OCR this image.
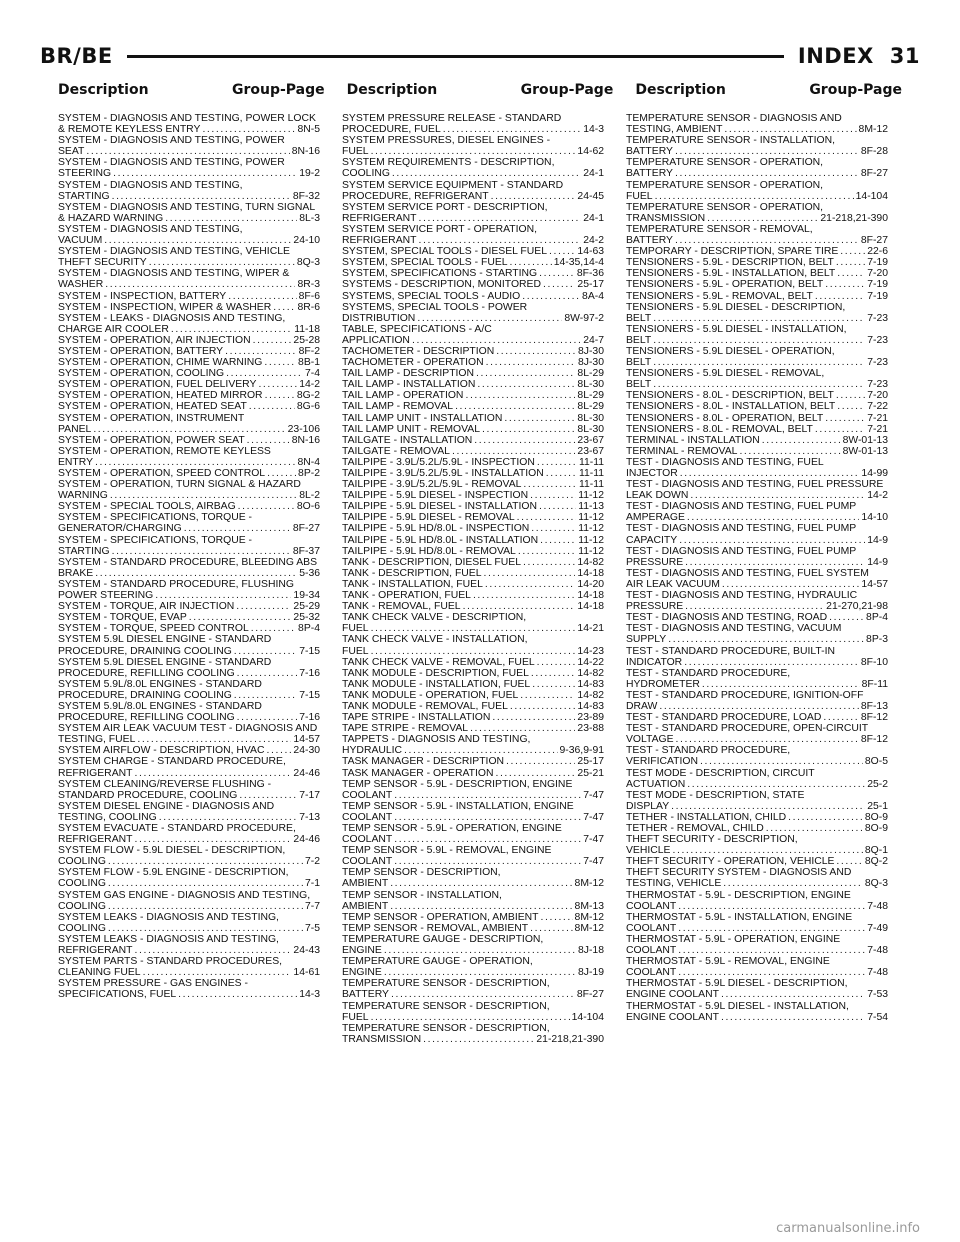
BR/BE	INDEX 31
Description	Group-Page Description	Group-Page Description	Group-Page
SYSTEM - DIAGNOSIS AND TESTING, POWER LOCK
& REMOTE KEYLESS ENTRY .....	8N-5
SYSTEM - DIAGNOSIS AND TESTING, POWER
SEAT .....	8N-16
SYSTEM - DIAGNOSIS AND TESTING, POWER
STEERING .....	19-2
SYSTEM - DIAGNOSIS AND TESTING,
STARTING .....	8F-32
SYSTEM - DIAGNOSIS AND TESTING, TURN SIGNAL
& HAZARD WARNING .....	8L-3
SYSTEM - DIAGNOSIS AND TESTING,
VACUUM .....	24-10
SYSTEM - DIAGNOSIS AND TESTING, VEHICLE
THEFT SECURITY .....	8Q-3
SYSTEM - DIAGNOSIS AND TESTING, WIPER &
WASHER .....	8R-3
SYSTEM - INSPECTION, BATTERY .....	8F-6
SYSTEM - INSPECTION, WIPER & WASHER .....	8R-6
SYSTEM - LEAKS - DIAGNOSIS AND TESTING,
CHARGE AIR COOLER .....	11-18
SYSTEM - OPERATION, AIR INJECTION .....	25-28
SYSTEM - OPERATION, BATTERY .....	8F-2
SYSTEM - OPERATION, CHIME WARNING .....	8B-1
SYSTEM - OPERATION, COOLING .....	7-4
SYSTEM - OPERATION, FUEL DELIVERY .....	14-2
SYSTEM - OPERATION, HEATED MIRROR .....	8G-2
SYSTEM - OPERATION, HEATED SEAT .....	8G-6
SYSTEM - OPERATION, INSTRUMENT
PANEL .....	23-106
SYSTEM - OPERATION, POWER SEAT .....	8N-16
SYSTEM - OPERATION, REMOTE KEYLESS
ENTRY .....	8N-4
SYSTEM - OPERATION, SPEED CONTROL .....	8P-2
SYSTEM - OPERATION, TURN SIGNAL & HAZARD
WARNING .....	8L-2
SYSTEM - SPECIAL TOOLS, AIRBAG .....	8O-6
SYSTEM - SPECIFICATIONS, TORQUE -
GENERATOR/CHARGING .....	8F-27
SYSTEM - SPECIFICATIONS, TORQUE -
STARTING .....	8F-37
SYSTEM - STANDARD PROCEDURE, BLEEDING ABS
BRAKE .....	5-36
SYSTEM - STANDARD PROCEDURE, FLUSHING
POWER STEERING .....	19-34
SYSTEM - TORQUE, AIR INJECTION .....	25-29
SYSTEM - TORQUE, EVAP .....	25-32
SYSTEM - TORQUE, SPEED CONTROL .....	8P-4
SYSTEM 5.9L DIESEL ENGINE - STANDARD
PROCEDURE, DRAINING COOLING .....	7-15
SYSTEM 5.9L DIESEL ENGINE - STANDARD
PROCEDURE, REFILLING COOLING .....	7-16
SYSTEM 5.9L/8.0L ENGINES - STANDARD
PROCEDURE, DRAINING COOLING .....	7-15
SYSTEM 5.9L/8.0L ENGINES - STANDARD
PROCEDURE, REFILLING COOLING .....	7-16
SYSTEM AIR LEAK VACUUM TEST - DIAGNOSIS AND
TESTING, FUEL .....	14-57
SYSTEM AIRFLOW - DESCRIPTION, HVAC .....	24-30
SYSTEM CHARGE - STANDARD PROCEDURE,
REFRIGERANT .....	24-46
SYSTEM CLEANING/REVERSE FLUSHING -
STANDARD PROCEDURE, COOLING .....	7-17
SYSTEM DIESEL ENGINE - DIAGNOSIS AND
TESTING, COOLING .....	7-13
SYSTEM EVACUATE - STANDARD PROCEDURE,
REFRIGERANT .....	24-46
SYSTEM FLOW - 5.9L DIESEL - DESCRIPTION,
COOLING .....	7-2
SYSTEM FLOW - 5.9L ENGINE - DESCRIPTION,
COOLING .....	7-1
SYSTEM GAS ENGINE - DIAGNOSIS AND TESTING,
COOLING .....	7-7
SYSTEM LEAKS - DIAGNOSIS AND TESTING,
COOLING .....	7-5
SYSTEM LEAKS - DIAGNOSIS AND TESTING,
REFRIGERANT .....	24-43
SYSTEM PARTS - STANDARD PROCEDURES,
CLEANING FUEL .....	14-61
SYSTEM PRESSURE - GAS ENGINES -
SPECIFICATIONS, FUEL .....	14-3
SYSTEM PRESSURE RELEASE - STANDARD
PROCEDURE, FUEL .....	14-3
SYSTEM PRESSURES, DIESEL ENGINES -
FUEL .....	14-62
SYSTEM REQUIREMENTS - DESCRIPTION,
COOLING .....	24-1
SYSTEM SERVICE EQUIPMENT - STANDARD
PROCEDURE, REFRIGERANT .....	24-45
SYSTEM SERVICE PORT - DESCRIPTION,
REFRIGERANT .....	24-1
SYSTEM SERVICE PORT - OPERATION,
REFRIGERANT .....	24-2
SYSTEM, SPECIAL TOOLS - DIESEL FUEL .....	14-63
SYSTEM, SPECIAL TOOLS - FUEL .....	14-35,14-4
SYSTEM, SPECIFICATIONS - STARTING .....	8F-36
SYSTEMS - DESCRIPTION, MONITORED .....	25-17
SYSTEMS, SPECIAL TOOLS - AUDIO .....	8A-4
SYSTEMS, SPECIAL TOOLS - POWER
DISTRIBUTION .....	8W-97-2
TABLE, SPECIFICATIONS - A/C
APPLICATION .....	24-7
TACHOMETER - DESCRIPTION .....	8J-30
TACHOMETER - OPERATION .....	8J-30
TAIL LAMP - DESCRIPTION .....	8L-29
TAIL LAMP - INSTALLATION .....	8L-30
TAIL LAMP - OPERATION .....	8L-29
TAIL LAMP - REMOVAL .....	8L-29
TAIL LAMP UNIT - INSTALLATION .....	8L-30
TAIL LAMP UNIT - REMOVAL .....	8L-30
TAILGATE - INSTALLATION .....	23-67
TAILGATE - REMOVAL .....	23-67
TAILPIPE - 3.9L/5.2L/5.9L - INSPECTION .....	11-11
TAILPIPE - 3.9L/5.2L/5.9L - INSTALLATION .....	11-11
TAILPIPE - 3.9L/5.2L/5.9L - REMOVAL .....	11-11
TAILPIPE - 5.9L DIESEL - INSPECTION .....	11-12
TAILPIPE - 5.9L DIESEL - INSTALLATION .....	11-13
TAILPIPE - 5.9L DIESEL - REMOVAL .....	11-12
TAILPIPE - 5.9L HD/8.0L - INSPECTION .....	11-12
TAILPIPE - 5.9L HD/8.0L - INSTALLATION .....	11-12
TAILPIPE - 5.9L HD/8.0L - REMOVAL .....	11-12
TANK - DESCRIPTION, DIESEL FUEL .....	14-82
TANK - DESCRIPTION, FUEL .....	14-18
TANK - INSTALLATION, FUEL .....	14-20
TANK - OPERATION, FUEL .....	14-18
TANK - REMOVAL, FUEL .....	14-18
TANK CHECK VALVE - DESCRIPTION,
FUEL .....	14-21
TANK CHECK VALVE - INSTALLATION,
FUEL .....	14-23
TANK CHECK VALVE - REMOVAL, FUEL .....	14-22
TANK MODULE - DESCRIPTION, FUEL .....	14-82
TANK MODULE - INSTALLATION, FUEL .....	14-83
TANK MODULE - OPERATION, FUEL .....	14-82
TANK MODULE - REMOVAL, FUEL .....	14-83
TAPE STRIPE - INSTALLATION .....	23-89
TAPE STRIPE - REMOVAL .....	23-88
TAPPETS - DIAGNOSIS AND TESTING,
HYDRAULIC .....	9-36,9-91
TASK MANAGER - DESCRIPTION .....	25-17
TASK MANAGER - OPERATION .....	25-21
TEMP SENSOR - 5.9L - DESCRIPTION, ENGINE
COOLANT .....	7-47
TEMP SENSOR - 5.9L - INSTALLATION, ENGINE
COOLANT .....	7-47
TEMP SENSOR - 5.9L - OPERATION, ENGINE
COOLANT .....	7-47
TEMP SENSOR - 5.9L - REMOVAL, ENGINE
COOLANT .....	7-47
TEMP SENSOR - DESCRIPTION,
AMBIENT .....	8M-12
TEMP SENSOR - INSTALLATION,
AMBIENT .....	8M-13
TEMP SENSOR - OPERATION, AMBIENT .....	8M-12
TEMP SENSOR - REMOVAL, AMBIENT .....	8M-12
TEMPERATURE GAUGE - DESCRIPTION,
ENGINE .....	8J-18
TEMPERATURE GAUGE - OPERATION,
ENGINE .....	8J-19
TEMPERATURE SENSOR - DESCRIPTION,
BATTERY .....	8F-27
TEMPERATURE SENSOR - DESCRIPTION,
FUEL .....	14-104
TEMPERATURE SENSOR - DESCRIPTION,
TRANSMISSION .....	21-218,21-390
TEMPERATURE SENSOR - DIAGNOSIS AND
TESTING, AMBIENT .....	8M-12
TEMPERATURE SENSOR - INSTALLATION,
BATTERY .....	8F-28
TEMPERATURE SENSOR - OPERATION,
BATTERY .....	8F-27
TEMPERATURE SENSOR - OPERATION,
FUEL .....	14-104
TEMPERATURE SENSOR - OPERATION,
TRANSMISSION .....	21-218,21-390
TEMPERATURE SENSOR - REMOVAL,
BATTERY .....	8F-27
TEMPORARY - DESCRIPTION, SPARE TIRE .....	22-6
TENSIONERS - 5.9L - DESCRIPTION, BELT .....	7-19
TENSIONERS - 5.9L - INSTALLATION, BELT .....	7-20
TENSIONERS - 5.9L - OPERATION, BELT .....	7-19
TENSIONERS - 5.9L - REMOVAL, BELT .....	7-19
TENSIONERS - 5.9L DIESEL - DESCRIPTION,
BELT .....	7-23
TENSIONERS - 5.9L DIESEL - INSTALLATION,
BELT .....	7-23
TENSIONERS - 5.9L DIESEL - OPERATION,
BELT .....	7-23
TENSIONERS - 5.9L DIESEL - REMOVAL,
BELT .....	7-23
TENSIONERS - 8.0L - DESCRIPTION, BELT .....	7-20
TENSIONERS - 8.0L - INSTALLATION, BELT .....	7-22
TENSIONERS - 8.0L - OPERATION, BELT .....	7-21
TENSIONERS - 8.0L - REMOVAL, BELT .....	7-21
TERMINAL - INSTALLATION .....	8W-01-13
TERMINAL - REMOVAL .....	8W-01-13
TEST - DIAGNOSIS AND TESTING, FUEL
INJECTOR .....	14-99
TEST - DIAGNOSIS AND TESTING, FUEL PRESSURE
LEAK DOWN .....	14-2
TEST - DIAGNOSIS AND TESTING, FUEL PUMP
AMPERAGE .....	14-10
TEST - DIAGNOSIS AND TESTING, FUEL PUMP
CAPACITY .....	14-9
TEST - DIAGNOSIS AND TESTING, FUEL PUMP
PRESSURE .....	14-9
TEST - DIAGNOSIS AND TESTING, FUEL SYSTEM
AIR LEAK VACUUM .....	14-57
TEST - DIAGNOSIS AND TESTING, HYDRAULIC
PRESSURE .....	21-270,21-98
TEST - DIAGNOSIS AND TESTING, ROAD .....	8P-4
TEST - DIAGNOSIS AND TESTING, VACUUM
SUPPLY .....	8P-3
TEST - STANDARD PROCEDURE, BUILT-IN
INDICATOR .....	8F-10
TEST - STANDARD PROCEDURE,
HYDROMETER .....	8F-11
TEST - STANDARD PROCEDURE, IGNITION-OFF
DRAW .....	8F-13
TEST - STANDARD PROCEDURE, LOAD .....	8F-12
TEST - STANDARD PROCEDURE, OPEN-CIRCUIT
VOLTAGE .....	8F-12
TEST - STANDARD PROCEDURE,
VERIFICATION .....	8O-5
TEST MODE - DESCRIPTION, CIRCUIT
ACTUATION .....	25-2
TEST MODE - DESCRIPTION, STATE
DISPLAY .....	25-1
TETHER - INSTALLATION, CHILD .....	8O-9
TETHER - REMOVAL, CHILD .....	8O-9
THEFT SECURITY - DESCRIPTION,
VEHICLE .....	8Q-1
THEFT SECURITY - OPERATION, VEHICLE .....	8Q-2
THEFT SECURITY SYSTEM - DIAGNOSIS AND
TESTING, VEHICLE .....	8Q-3
THERMOSTAT - 5.9L - DESCRIPTION, ENGINE
COOLANT .....	7-48
THERMOSTAT - 5.9L - INSTALLATION, ENGINE
COOLANT .....	7-49
THERMOSTAT - 5.9L - OPERATION, ENGINE
COOLANT .....	7-48
THERMOSTAT - 5.9L - REMOVAL, ENGINE
COOLANT .....	7-48
THERMOSTAT - 5.9L DIESEL - DESCRIPTION,
ENGINE COOLANT .....	7-53
THERMOSTAT - 5.9L DIESEL - INSTALLATION,
ENGINE COOLANT .....	7-54
carmanualsonline.info
